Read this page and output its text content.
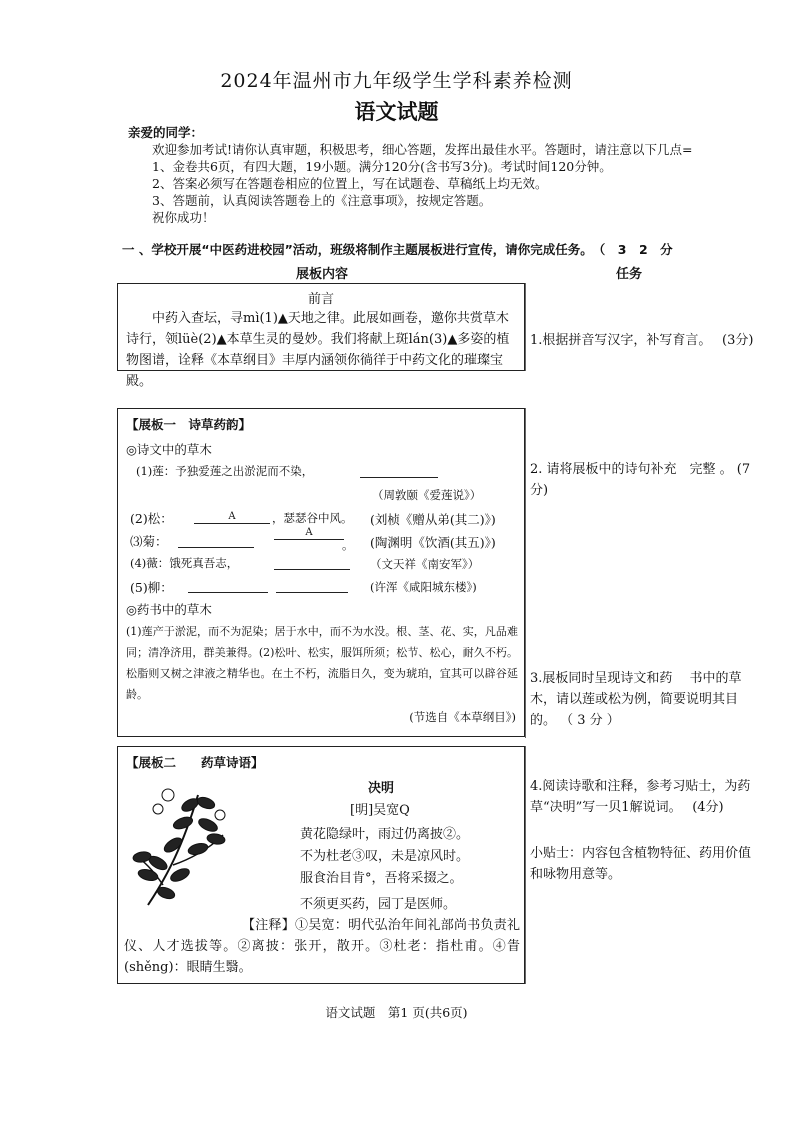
2024年温州市九年级学生学科素养检测
语文试题
亲爱的同学：
欢迎参加考试!请你认真审题，积极思考，细心答题，发挥出最佳水平。答题时，请注意以下几点=
1、金卷共6页，有四大题，19小题。满分120分(含书写3分)。考试时间120分钟。
2、答案必须写在答题卷相应的位置上，写在试题卷、草稿纸上均无效。
3、答题前，认真阅读答题卷上的《注意事项》，按规定答题。
祝你成功！
一 、学校开展“中医药进校园”活动，班级将制作主题展板进行宣传，请你完成任务。　（　3　2　分
展板内容	任务
前言
中药入查坛，寻mì(1)▲天地之律。此展如画卷，邀你共赏草木诗行，领lüè(2)▲本草生灵的曼妙。我们将献上斑lán(3)▲多姿的植物图谱，诠释《本草纲目》丰厚内涵领你徜徉于中药文化的璀璨宝殿。
【展板一　诗草药韵】
◎诗文中的草木
(1)莲：予独爱莲之出淤泥而不染，
（周敦颐《爱莲说》）
(2)松：	A	，瑟瑟谷中风。 (刘桢《赠从弟(其二)》)
⑶菊：
A
。 (陶渊明《饮酒(其五)》)
(4)薇：饿死真吾志，	（文天祥《南安军》）
(5)柳：	(许浑《咸阳城东楼》)
◎药书中的草木
(1)莲产于淤泥，而不为泥染；居于水中，而不为水没。根、茎、花、实，凡品难同；清净济用，群美兼得。(2)松叶、松实，服饵所须；松节、松心，耐久不朽。松脂则又树之津液之精华也。在土不朽，流脂日久，变为琥珀，宜其可以辟谷延龄。
(节选自《本草纲目》)
【展板二　　药草诗语】
决明
[明]吴宽Q
黄花隐绿叶，雨过仍离披②。
不为杜老③叹，未是凉风时。
服食治目肯°，吾将采掇之。
不须更买药，园丁是医师。
【注释】①吴宽：明代弘治年间礼部尚书负责礼仪、人才选拔等。②离披：张开，散开。③杜老：指杜甫。④眚(shěng)：眼睛生翳。
1.根据拼音写汉字，补写育言。　 (3分)
2. 请将展板中的诗句补充　完整 。 (7分)
3.展板同时呈现诗文和药　 书中的草木，请以莲或松为例，简要说明其目的。 （ 3 分 ）
4.阅读诗歌和注释，参考习贴士，为药草“决明”写一贝1解说词。　 (4分)
小贴士：内容包含植物特征、药用价值和咏物用意等。
语文试题　第1 页(共6页)
